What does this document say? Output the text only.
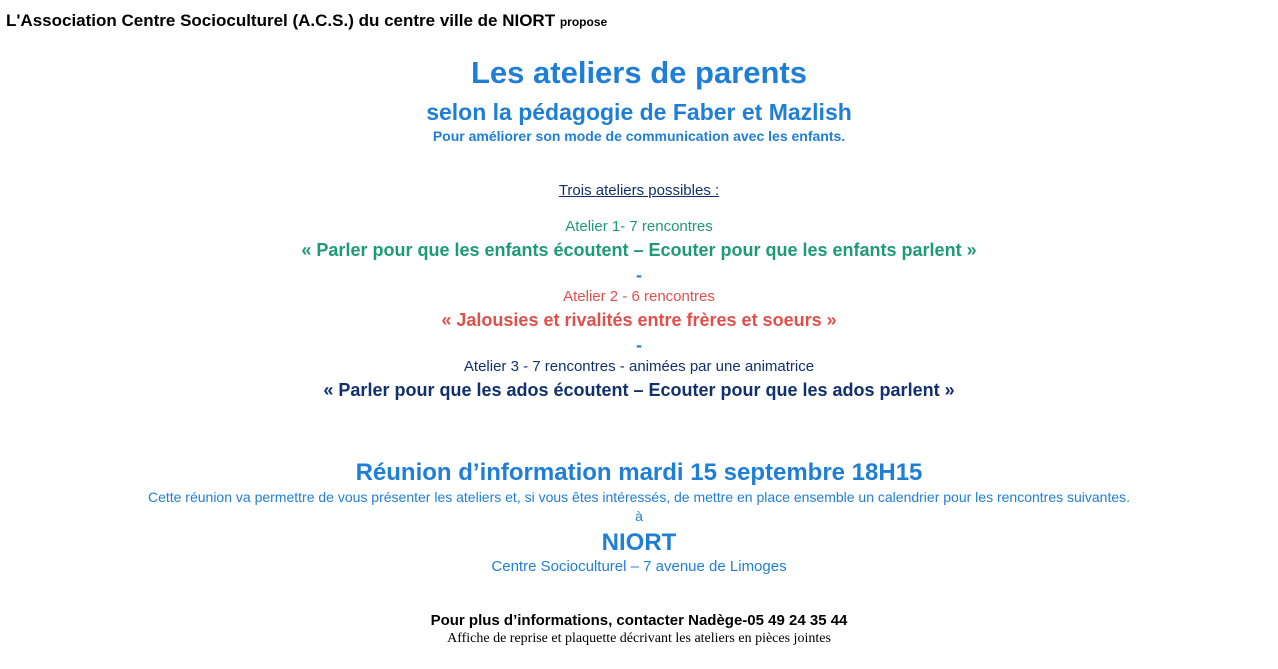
L'Association Centre Socioculturel (A.C.S.) du centre ville de NIORT propose
Les ateliers de parents
selon la pédagogie de Faber et Mazlish
Pour améliorer son mode de communication avec les enfants.
Trois ateliers possibles :
Atelier 1- 7 rencontres
« Parler pour que les enfants écoutent – Ecouter pour que les enfants parlent »
-
Atelier 2 - 6 rencontres
« Jalousies et rivalités entre frères et soeurs »
-
Atelier 3 - 7 rencontres - animées par une animatrice
« Parler pour que les ados écoutent – Ecouter pour que les ados parlent »
Réunion d’information mardi 15 septembre 18H15
Cette réunion va permettre de vous présenter les ateliers et, si vous êtes intéressés, de mettre en place ensemble un calendrier pour les rencontres suivantes.
à
NIORT
Centre Socioculturel – 7 avenue de Limoges
Pour plus d’informations, contacter Nadège-05 49 24 35 44
Affiche de reprise et plaquette décrivant les ateliers en pièces jointes
